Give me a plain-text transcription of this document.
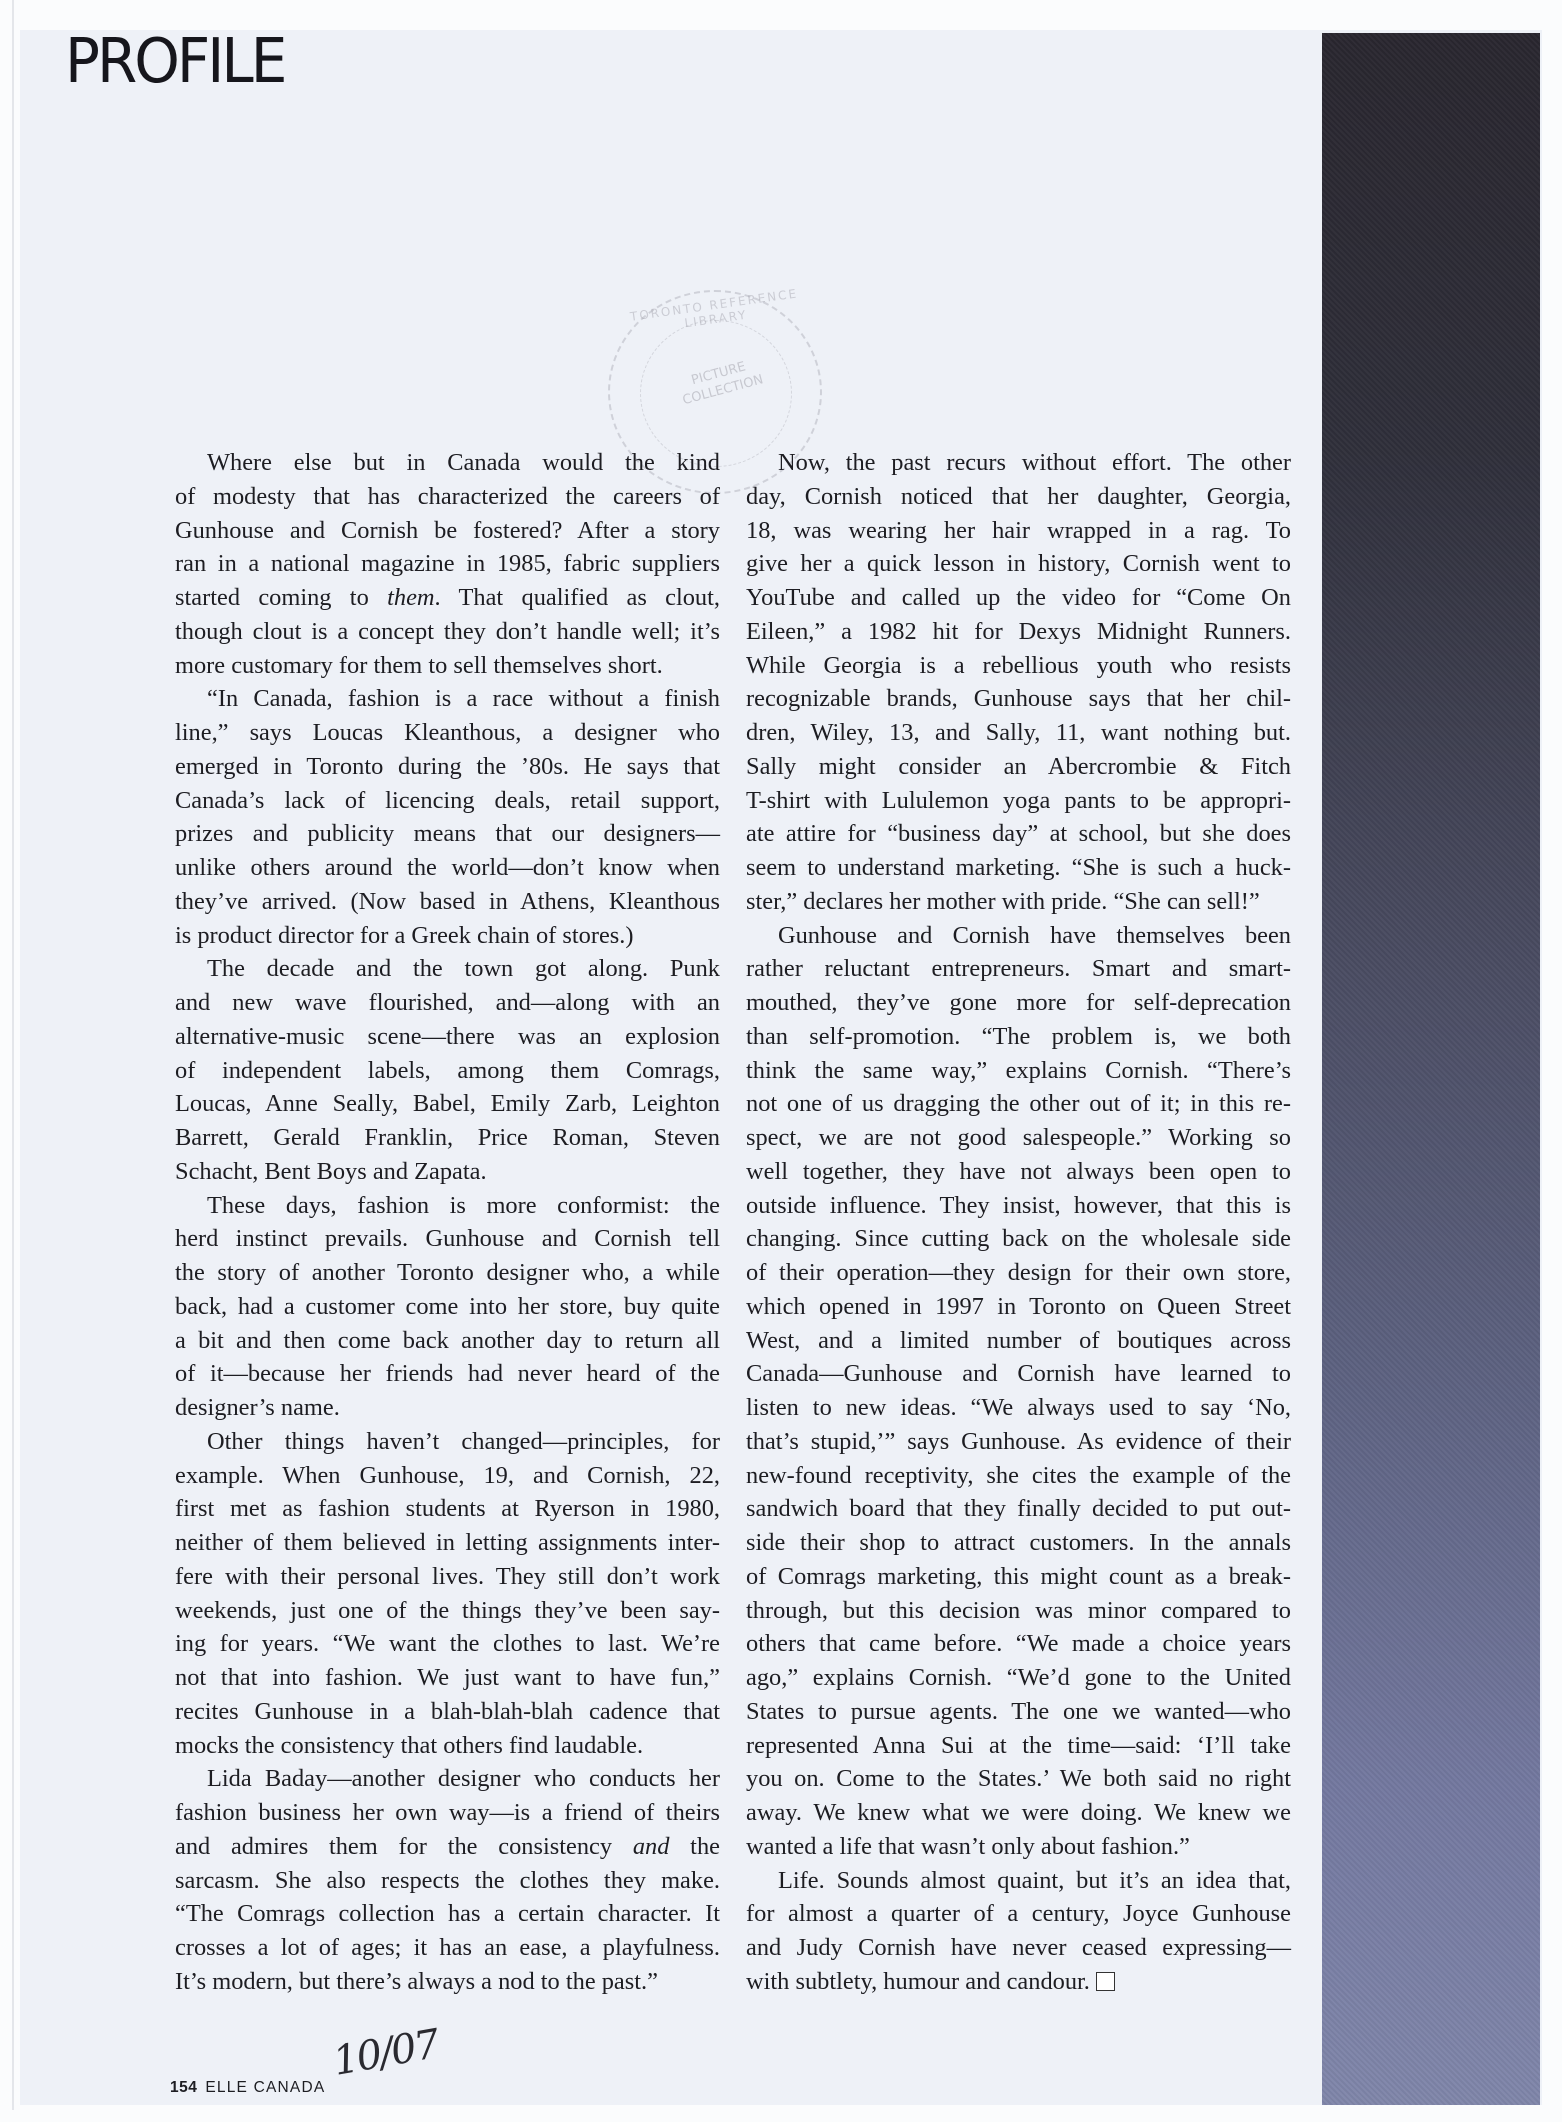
PROFILE
TORONTO REFERENCE LIBRARY
PICTURE COLLECTION
Where else but in Canada would the kind
of modesty that has characterized the careers of
Gunhouse and Cornish be fostered? After a story
ran in a national magazine in 1985, fabric suppliers
started coming to them. That qualified as clout,
though clout is a concept they don’t handle well; it’s
more customary for them to sell themselves short.
“In Canada, fashion is a race without a finish
line,” says Loucas Kleanthous, a designer who
emerged in Toronto during the ’80s. He says that
Canada’s lack of licencing deals, retail support,
prizes and publicity means that our designers—
unlike others around the world—don’t know when
they’ve arrived. (Now based in Athens, Kleanthous
is product director for a Greek chain of stores.)
The decade and the town got along. Punk
and new wave flourished, and—along with an
alternative-music scene—there was an explosion
of independent labels, among them Comrags,
Loucas, Anne Seally, Babel, Emily Zarb, Leighton
Barrett, Gerald Franklin, Price Roman, Steven
Schacht, Bent Boys and Zapata.
These days, fashion is more conformist: the
herd instinct prevails. Gunhouse and Cornish tell
the story of another Toronto designer who, a while
back, had a customer come into her store, buy quite
a bit and then come back another day to return all
of it—because her friends had never heard of the
designer’s name.
Other things haven’t changed—principles, for
example. When Gunhouse, 19, and Cornish, 22,
first met as fashion students at Ryerson in 1980,
neither of them believed in letting assignments inter-
fere with their personal lives. They still don’t work
weekends, just one of the things they’ve been say-
ing for years. “We want the clothes to last. We’re
not that into fashion. We just want to have fun,”
recites Gunhouse in a blah-blah-blah cadence that
mocks the consistency that others find laudable.
Lida Baday—another designer who conducts her
fashion business her own way—is a friend of theirs
and admires them for the consistency and the
sarcasm. She also respects the clothes they make.
“The Comrags collection has a certain character. It
crosses a lot of ages; it has an ease, a playfulness.
It’s modern, but there’s always a nod to the past.”
Now, the past recurs without effort. The other
day, Cornish noticed that her daughter, Georgia,
18, was wearing her hair wrapped in a rag. To
give her a quick lesson in history, Cornish went to
YouTube and called up the video for “Come On
Eileen,” a 1982 hit for Dexys Midnight Runners.
While Georgia is a rebellious youth who resists
recognizable brands, Gunhouse says that her chil-
dren, Wiley, 13, and Sally, 11, want nothing but.
Sally might consider an Abercrombie & Fitch
T-shirt with Lululemon yoga pants to be appropri-
ate attire for “business day” at school, but she does
seem to understand marketing. “She is such a huck-
ster,” declares her mother with pride. “She can sell!”
Gunhouse and Cornish have themselves been
rather reluctant entrepreneurs. Smart and smart-
mouthed, they’ve gone more for self-deprecation
than self-promotion. “The problem is, we both
think the same way,” explains Cornish. “There’s
not one of us dragging the other out of it; in this re-
spect, we are not good salespeople.” Working so
well together, they have not always been open to
outside influence. They insist, however, that this is
changing. Since cutting back on the wholesale side
of their operation—they design for their own store,
which opened in 1997 in Toronto on Queen Street
West, and a limited number of boutiques across
Canada—Gunhouse and Cornish have learned to
listen to new ideas. “We always used to say ‘No,
that’s stupid,’” says Gunhouse. As evidence of their
new-found receptivity, she cites the example of the
sandwich board that they finally decided to put out-
side their shop to attract customers. In the annals
of Comrags marketing, this might count as a break-
through, but this decision was minor compared to
others that came before. “We made a choice years
ago,” explains Cornish. “We’d gone to the United
States to pursue agents. The one we wanted—who
represented Anna Sui at the time—said: ‘I’ll take
you on. Come to the States.’ We both said no right
away. We knew what we were doing. We knew we
wanted a life that wasn’t only about fashion.”
Life. Sounds almost quaint, but it’s an idea that,
for almost a quarter of a century, Joyce Gunhouse
and Judy Cornish have never ceased expressing—
with subtlety, humour and candour.
10/07
154 ELLE CANADA
